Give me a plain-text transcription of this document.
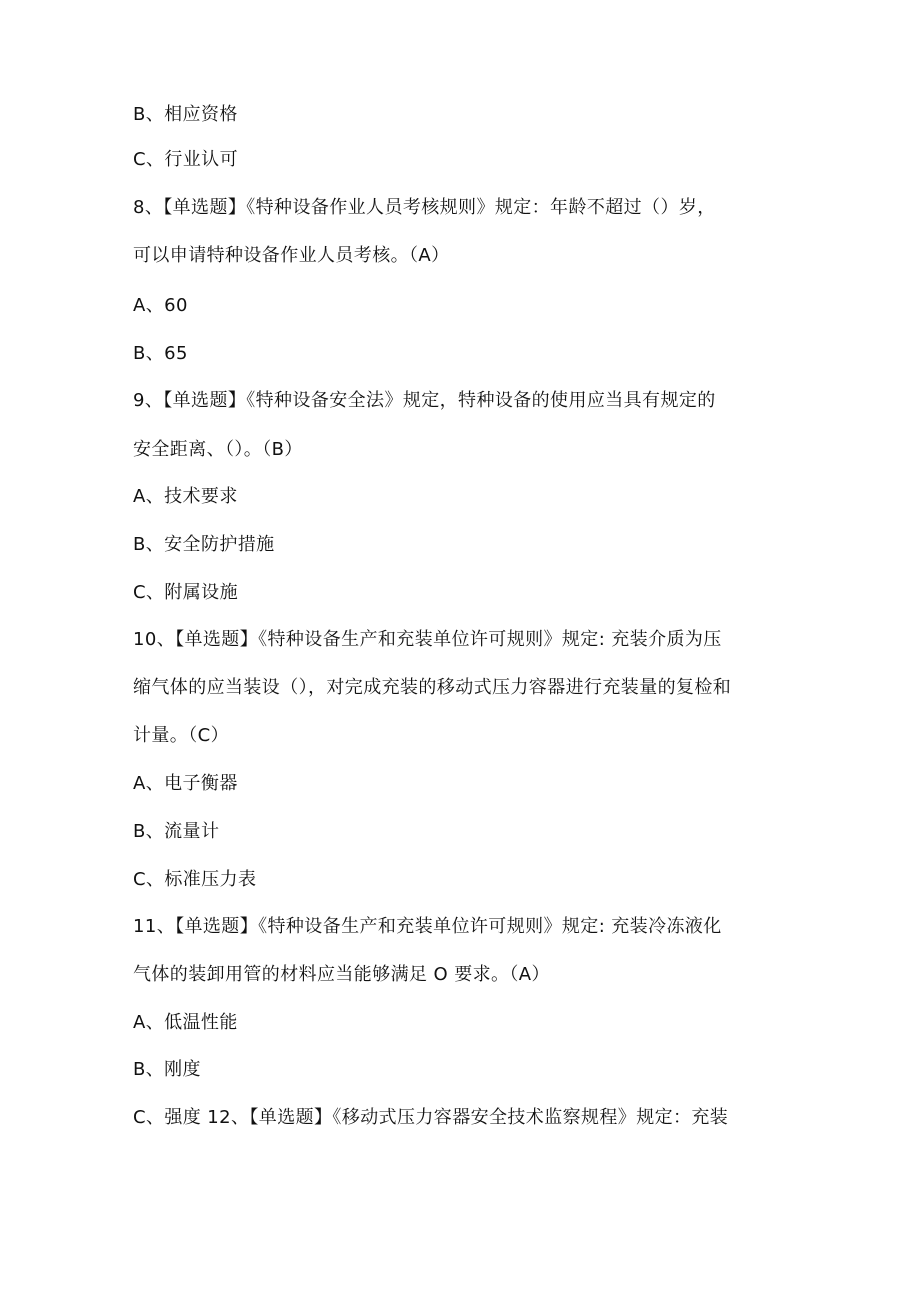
B、相应资格
C、行业认可
8、【单选题】《特种设备作业人员考核规则》规定：年龄不超过（）岁，
可以申请特种设备作业人员考核。（A）
A、60
B、65
9、【单选题】《特种设备安全法》规定，特种设备的使用应当具有规定的
安全距离、（）。（B）
A、技术要求
B、安全防护措施
C、附属设施
10、【单选题】《特种设备生产和充装单位许可规则》规定: 充装介质为压
缩气体的应当装设（），对完成充装的移动式压力容器进行充装量的复检和
计量。（C）
A、电子衡器
B、流量计
C、标准压力表
11、【单选题】《特种设备生产和充装单位许可规则》规定: 充装冷冻液化
气体的装卸用管的材料应当能够满足 O 要求。（A）
A、低温性能
B、刚度
C、强度 12、【单选题】《移动式压力容器安全技术监察规程》规定：充装
